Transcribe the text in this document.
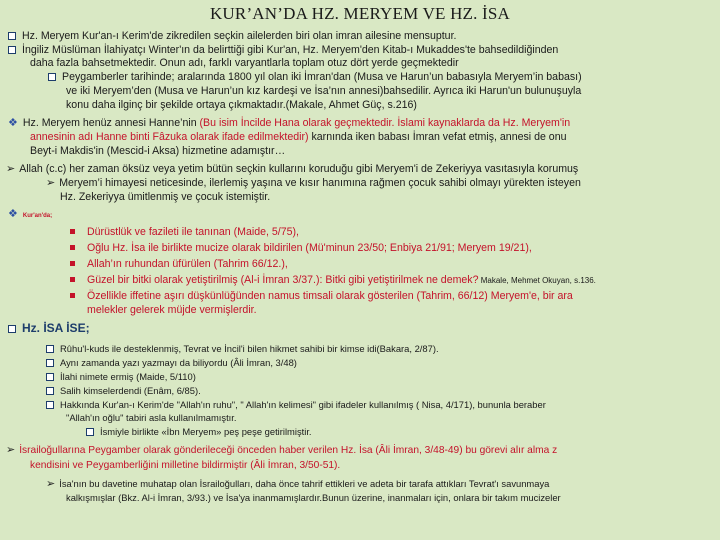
KUR’AN’DA HZ. MERYEM VE HZ. İSA
Hz. Meryem Kur'an-ı Kerim'de zikredilen seçkin ailelerden biri olan imran ailesine mensuptur.
İngiliz Müslüman İlahiyatçı Winter'ın da belirttiği gibi Kur'an, Hz. Meryem'den Kitab-ı Mukaddes'te bahsedildiğinden
daha fazla bahsetmektedir. Onun adı, farklı varyantlarla toplam otuz dört yerde geçmektedir
Peygamberler tarihinde; aralarında 1800 yıl olan iki İmran'dan (Musa ve Harun’un babasıyla Meryem’in babası)
ve iki Meryem’den (Musa ve Harun’un kız kardeşi ve İsa’nın annesi)bahsedilir. Ayrıca iki Harun'un bulunuşuyla
konu daha ilginç bir şekilde ortaya çıkmaktadır.(Makale, Ahmet Güç, s.216)
❖ Hz. Meryem henüz annesi Hanne’nin (Bu isim İncilde Hana olarak geçmektedir. İslami kaynaklarda da Hz. Meryem'in
annesinin adı Hanne binti Fâzuka olarak ifade edilmektedir) karnında iken babası İmran vefat etmiş, annesi de onu
Beyt-i Makdis'in (Mescid-i Aksa) hizmetine adamıştır…
➢ Allah (c.c) her zaman öksüz veya yetim bütün seçkin kullarını koruduğu gibi Meryem'i de Zekeriyya vasıtasıyla korumuş
➢ Meryem’i himayesi neticesinde, ilerlemiş yaşına ve kısır hanımına rağmen çocuk sahibi olmayı yürekten isteyen
Hz. Zekeriyya ümitlenmiş ve çocuk istemiştir.
❖ Kur'an'da;
Dürüstlük ve fazileti ile tanınan (Maide, 5/75),
Oğlu Hz. İsa ile birlikte mucize olarak bildirilen (Mü'minun 23/50; Enbiya 21/91; Meryem 19/21),
Allah’ın ruhundan üfürülen (Tahrim 66/12.),
Güzel bir bitki olarak yetiştirilmiş (Al-i İmran 3/37.): Bitki gibi yetiştirilmek ne demek? Makale, Mehmet Okuyan, s.136.
Özellikle iffetine aşırı düşkünlüğünden namus timsali olarak gösterilen (Tahrim, 66/12) Meryem'e, bir ara
melekler gelerek müjde vermişlerdir.
Hz. İSA İSE;
Rûhu'l-kuds ile desteklenmiş, Tevrat ve İncil'i bilen hikmet sahibi bir kimse idi(Bakara, 2/87).
Aynı zamanda yazı yazmayı da biliyordu (Âli İmran, 3/48)
İlahi nimete ermiş (Maide, 5/110)
Salih kimselerdendi (Enâm, 6/85).
Hakkında Kur'an-ı Kerim'de "Allah'ın ruhu", " Allah'ın kelimesi" gibi ifadeler kullanılmış ( Nisa, 4/171), bununla beraber
"Allah'ın oğlu" tabiri asla kullanılmamıştır.
İsmiyle birlikte «İbn Meryem» peş peşe getirilmiştir.
➢ İsrailoğullarına Peygamber olarak gönderileceği önceden haber verilen Hz. İsa (Âli İmran, 3/48-49) bu görevi alır alma z
kendisini ve Peygamberliğini milletine bildirmiştir (Âli İmran, 3/50-51).
➢ İsa'nın bu davetine muhatap olan İsrailoğulları, daha önce tahrif ettikleri ve adeta bir tarafa attıkları Tevrat'ı savunmaya
kalkışmışlar (Bkz. Al-i İmran, 3/93.) ve İsa'ya inanmamışlardır.Bunun üzerine, inanmaları için, onlara bir takım mucizeler
